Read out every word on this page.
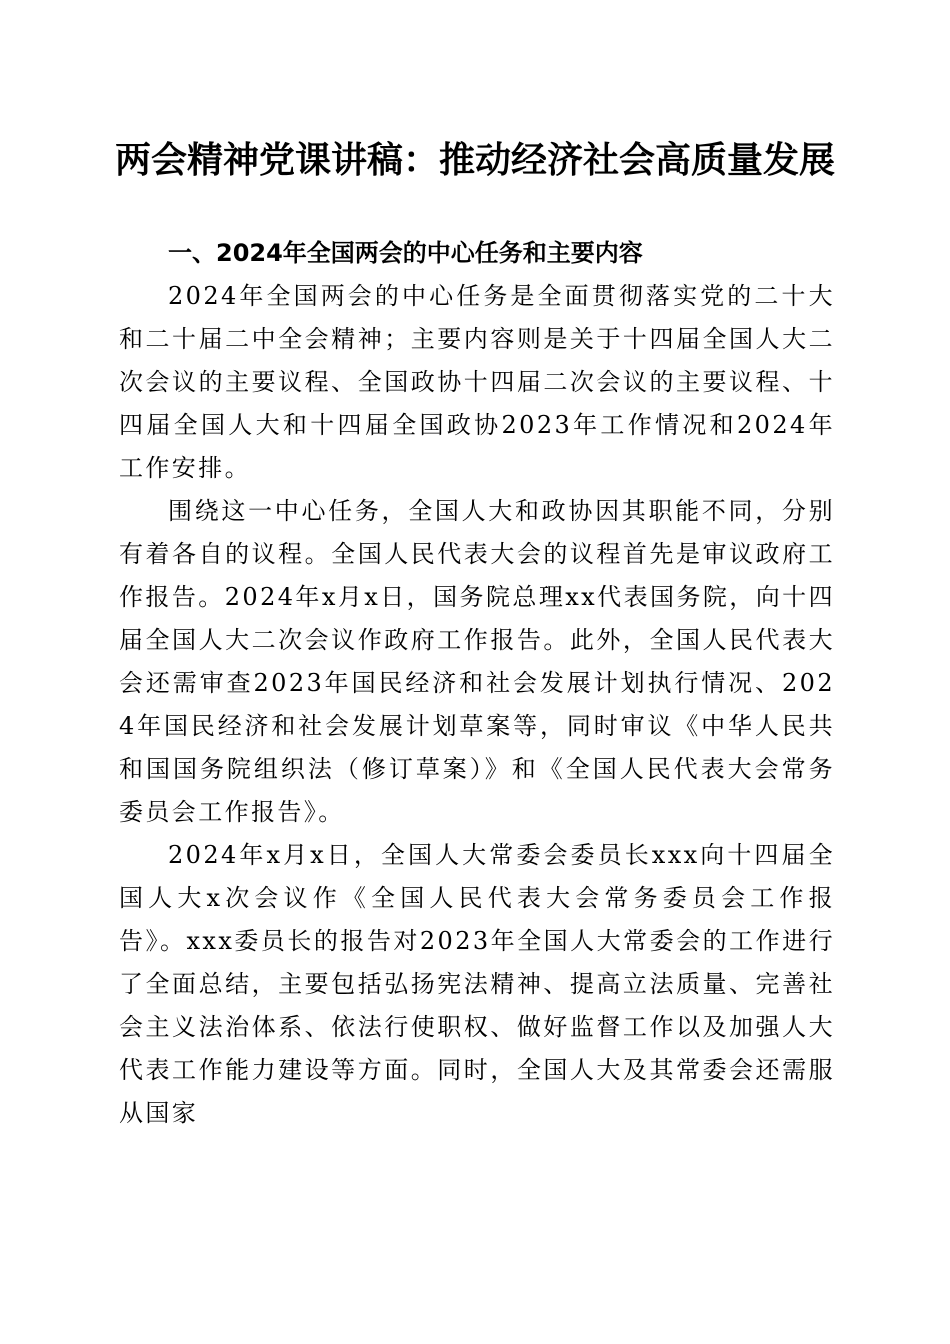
两会精神党课讲稿：推动经济社会高质量发展

一、2024年全国两会的中心任务和主要内容

2024年全国两会的中心任务是全面贯彻落实党的二十大和二十届二中全会精神；主要内容则是关于十四届全国人大二次会议的主要议程、全国政协十四届二次会议的主要议程、十四届全国人大和十四届全国政协2023年工作情况和2024年工作安排。

围绕这一中心任务，全国人大和政协因其职能不同，分别有着各自的议程。全国人民代表大会的议程首先是审议政府工作报告。2024年x月x日，国务院总理xx代表国务院，向十四届全国人大二次会议作政府工作报告。此外，全国人民代表大会还需审查2023年国民经济和社会发展计划执行情况、2024年国民经济和社会发展计划草案等，同时审议《中华人民共和国国务院组织法（修订草案）》和《全国人民代表大会常务委员会工作报告》。

2024年x月x日，全国人大常委会委员长xxx向十四届全国人大x次会议作《全国人民代表大会常务委员会工作报告》。xxx委员长的报告对2023年全国人大常委会的工作进行了全面总结，主要包括弘扬宪法精神、提高立法质量、完善社会主义法治体系、依法行使职权、做好监督工作以及加强人大代表工作能力建设等方面。同时，全国人大及其常委会还需服从国家
